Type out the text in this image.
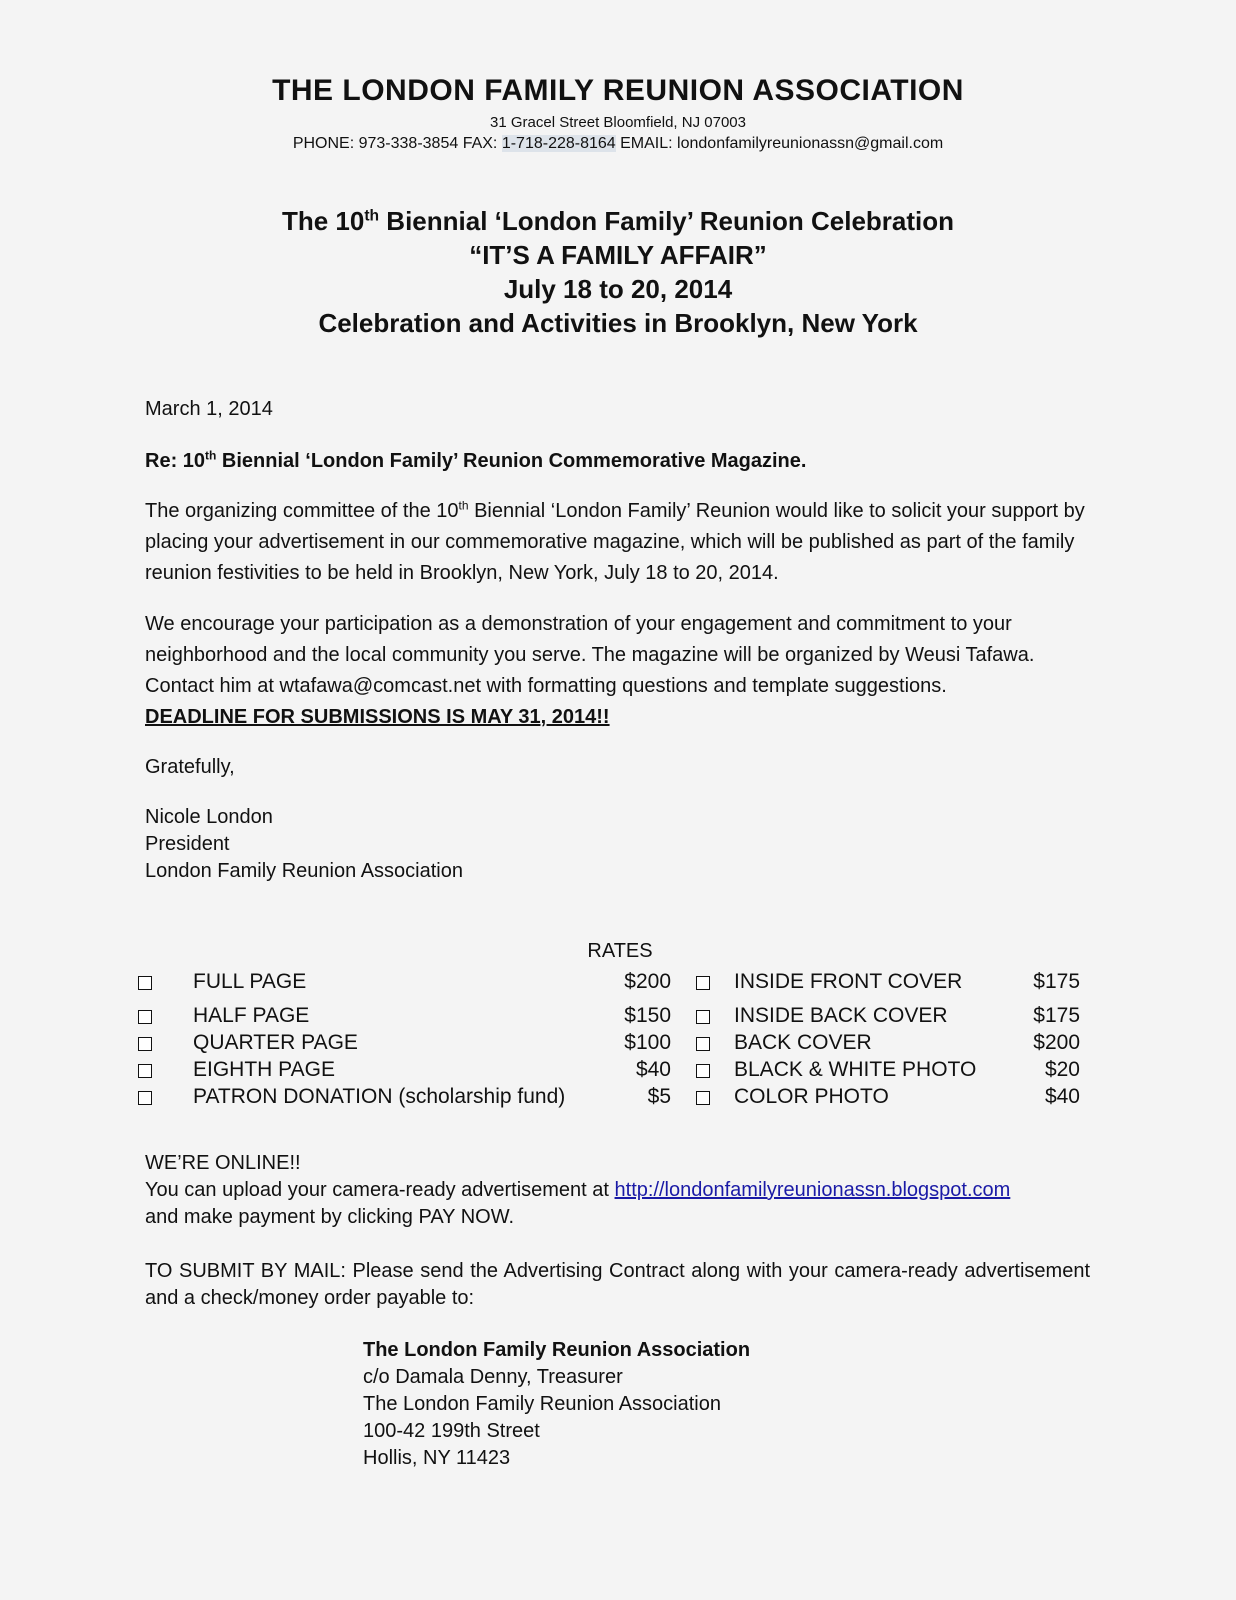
THE LONDON FAMILY REUNION ASSOCIATION
31 Gracel Street Bloomfield, NJ 07003
PHONE: 973-338-3854 FAX: 1-718-228-8164 EMAIL: londonfamilyreunionassn@gmail.com
The 10th Biennial ‘London Family’ Reunion Celebration
“IT’S A FAMILY AFFAIR”
July 18 to 20, 2014
Celebration and Activities in Brooklyn, New York
March 1, 2014
Re: 10th Biennial ‘London Family’ Reunion Commemorative Magazine.
The organizing committee of the 10th Biennial ‘London Family’ Reunion would like to solicit your support by placing your advertisement in our commemorative magazine, which will be published as part of the family reunion festivities to be held in Brooklyn, New York, July 18 to 20, 2014.
We encourage your participation as a demonstration of your engagement and commitment to your neighborhood and the local community you serve. The magazine will be organized by Weusi Tafawa. Contact him at wtafawa@comcast.net with formatting questions and template suggestions.
DEADLINE FOR SUBMISSIONS IS MAY 31, 2014!!
Gratefully,
Nicole London
President
London Family Reunion Association
RATES
FULL PAGE	$200
HALF PAGE	$150
QUARTER PAGE	$100
EIGHTH PAGE	$40
PATRON DONATION (scholarship fund)	$5
INSIDE FRONT COVER	$175
INSIDE BACK COVER	$175
BACK COVER	$200
BLACK & WHITE PHOTO	$20
COLOR PHOTO	$40
WE’RE ONLINE!!
You can upload your camera-ready advertisement at http://londonfamilyreunionassn.blogspot.com
and make payment by clicking PAY NOW.
TO SUBMIT BY MAIL: Please send the Advertising Contract along with your camera-ready advertisement and a check/money order payable to:
The London Family Reunion Association
c/o Damala Denny, Treasurer
The London Family Reunion Association
100-42 199th Street
Hollis, NY 11423
